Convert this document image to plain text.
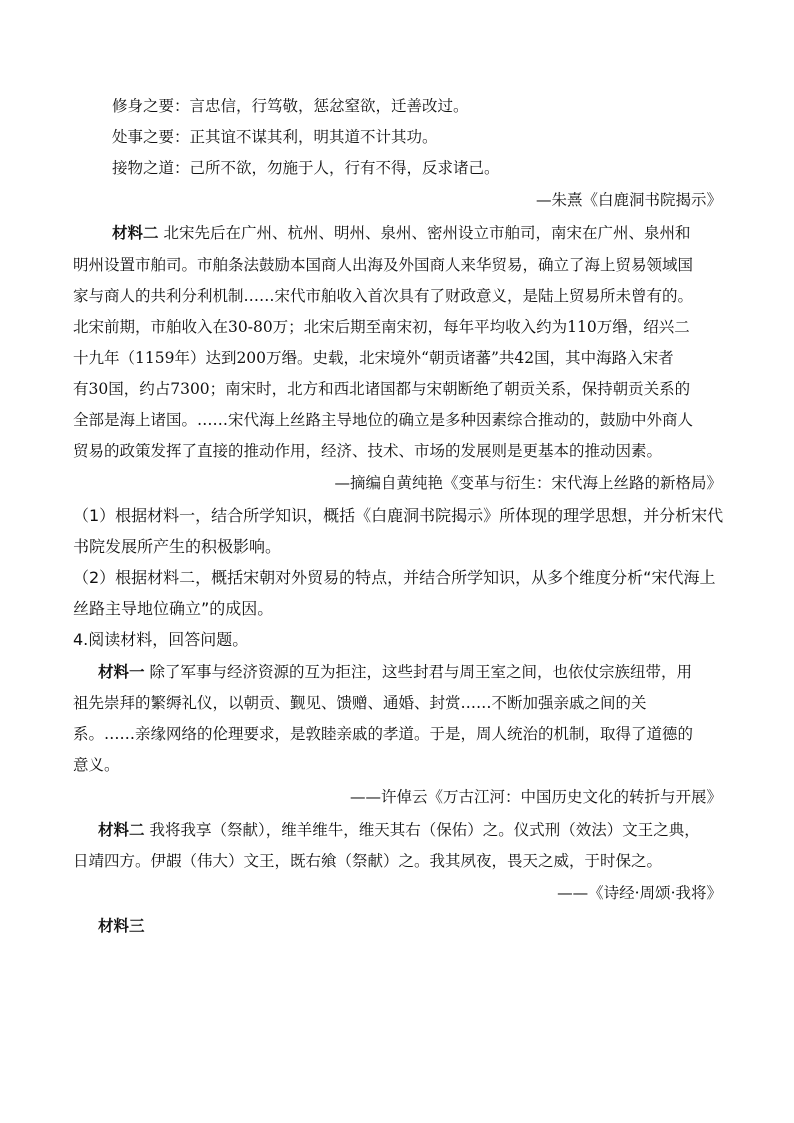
修身之要：言忠信，行笃敬，惩忿窒欲，迁善改过。
处事之要：正其谊不谋其利，明其道不计其功。
接物之道：己所不欲，勿施于人，行有不得，反求诸己。
—朱熹《白鹿洞书院揭示》
材料二 北宋先后在广州、杭州、明州、泉州、密州设立市舶司，南宋在广州、泉州和
明州设置市舶司。市舶条法鼓励本国商人出海及外国商人来华贸易，确立了海上贸易领域国
家与商人的共利分利机制……宋代市舶收入首次具有了财政意义，是陆上贸易所未曾有的。
北宋前期，市舶收入在30-80万；北宋后期至南宋初，每年平均收入约为110万缗，绍兴二
十九年（1159年）达到200万缗。史载，北宋境外“朝贡诸蕃”共42国，其中海路入宋者
有30国，约占7300；南宋时，北方和西北诸国都与宋朝断绝了朝贡关系，保持朝贡关系的
全部是海上诸国。……宋代海上丝路主导地位的确立是多种因素综合推动的，鼓励中外商人
贸易的政策发挥了直接的推动作用，经济、技术、市场的发展则是更基本的推动因素。
—摘编自黄纯艳《变革与衍生：宋代海上丝路的新格局》
（1）根据材料一，结合所学知识，概括《白鹿洞书院揭示》所体现的理学思想，并分析宋代
书院发展所产生的积极影响。
（2）根据材料二，概括宋朝对外贸易的特点，并结合所学知识，从多个维度分析“宋代海上
丝路主导地位确立”的成因。
4.阅读材料，回答问题。
材料一 除了军事与经济资源的互为拒注，这些封君与周王室之间，也依仗宗族纽带，用
祖先崇拜的繁缛礼仪，以朝贡、觐见、馈赠、通婚、封赏……不断加强亲戚之间的关
系。……亲缘网络的伦理要求，是敦睦亲戚的孝道。于是，周人统治的机制，取得了道德的
意义。
——许倬云《万古江河：中国历史文化的转折与开展》
材料二 我将我享（祭献），维羊维牛，维天其右（保佑）之。仪式刑（效法）文王之典，
日靖四方。伊嘏（伟大）文王，既右飨（祭献）之。我其夙夜，畏天之威，于时保之。
——《诗经·周颂·我将》
材料三
